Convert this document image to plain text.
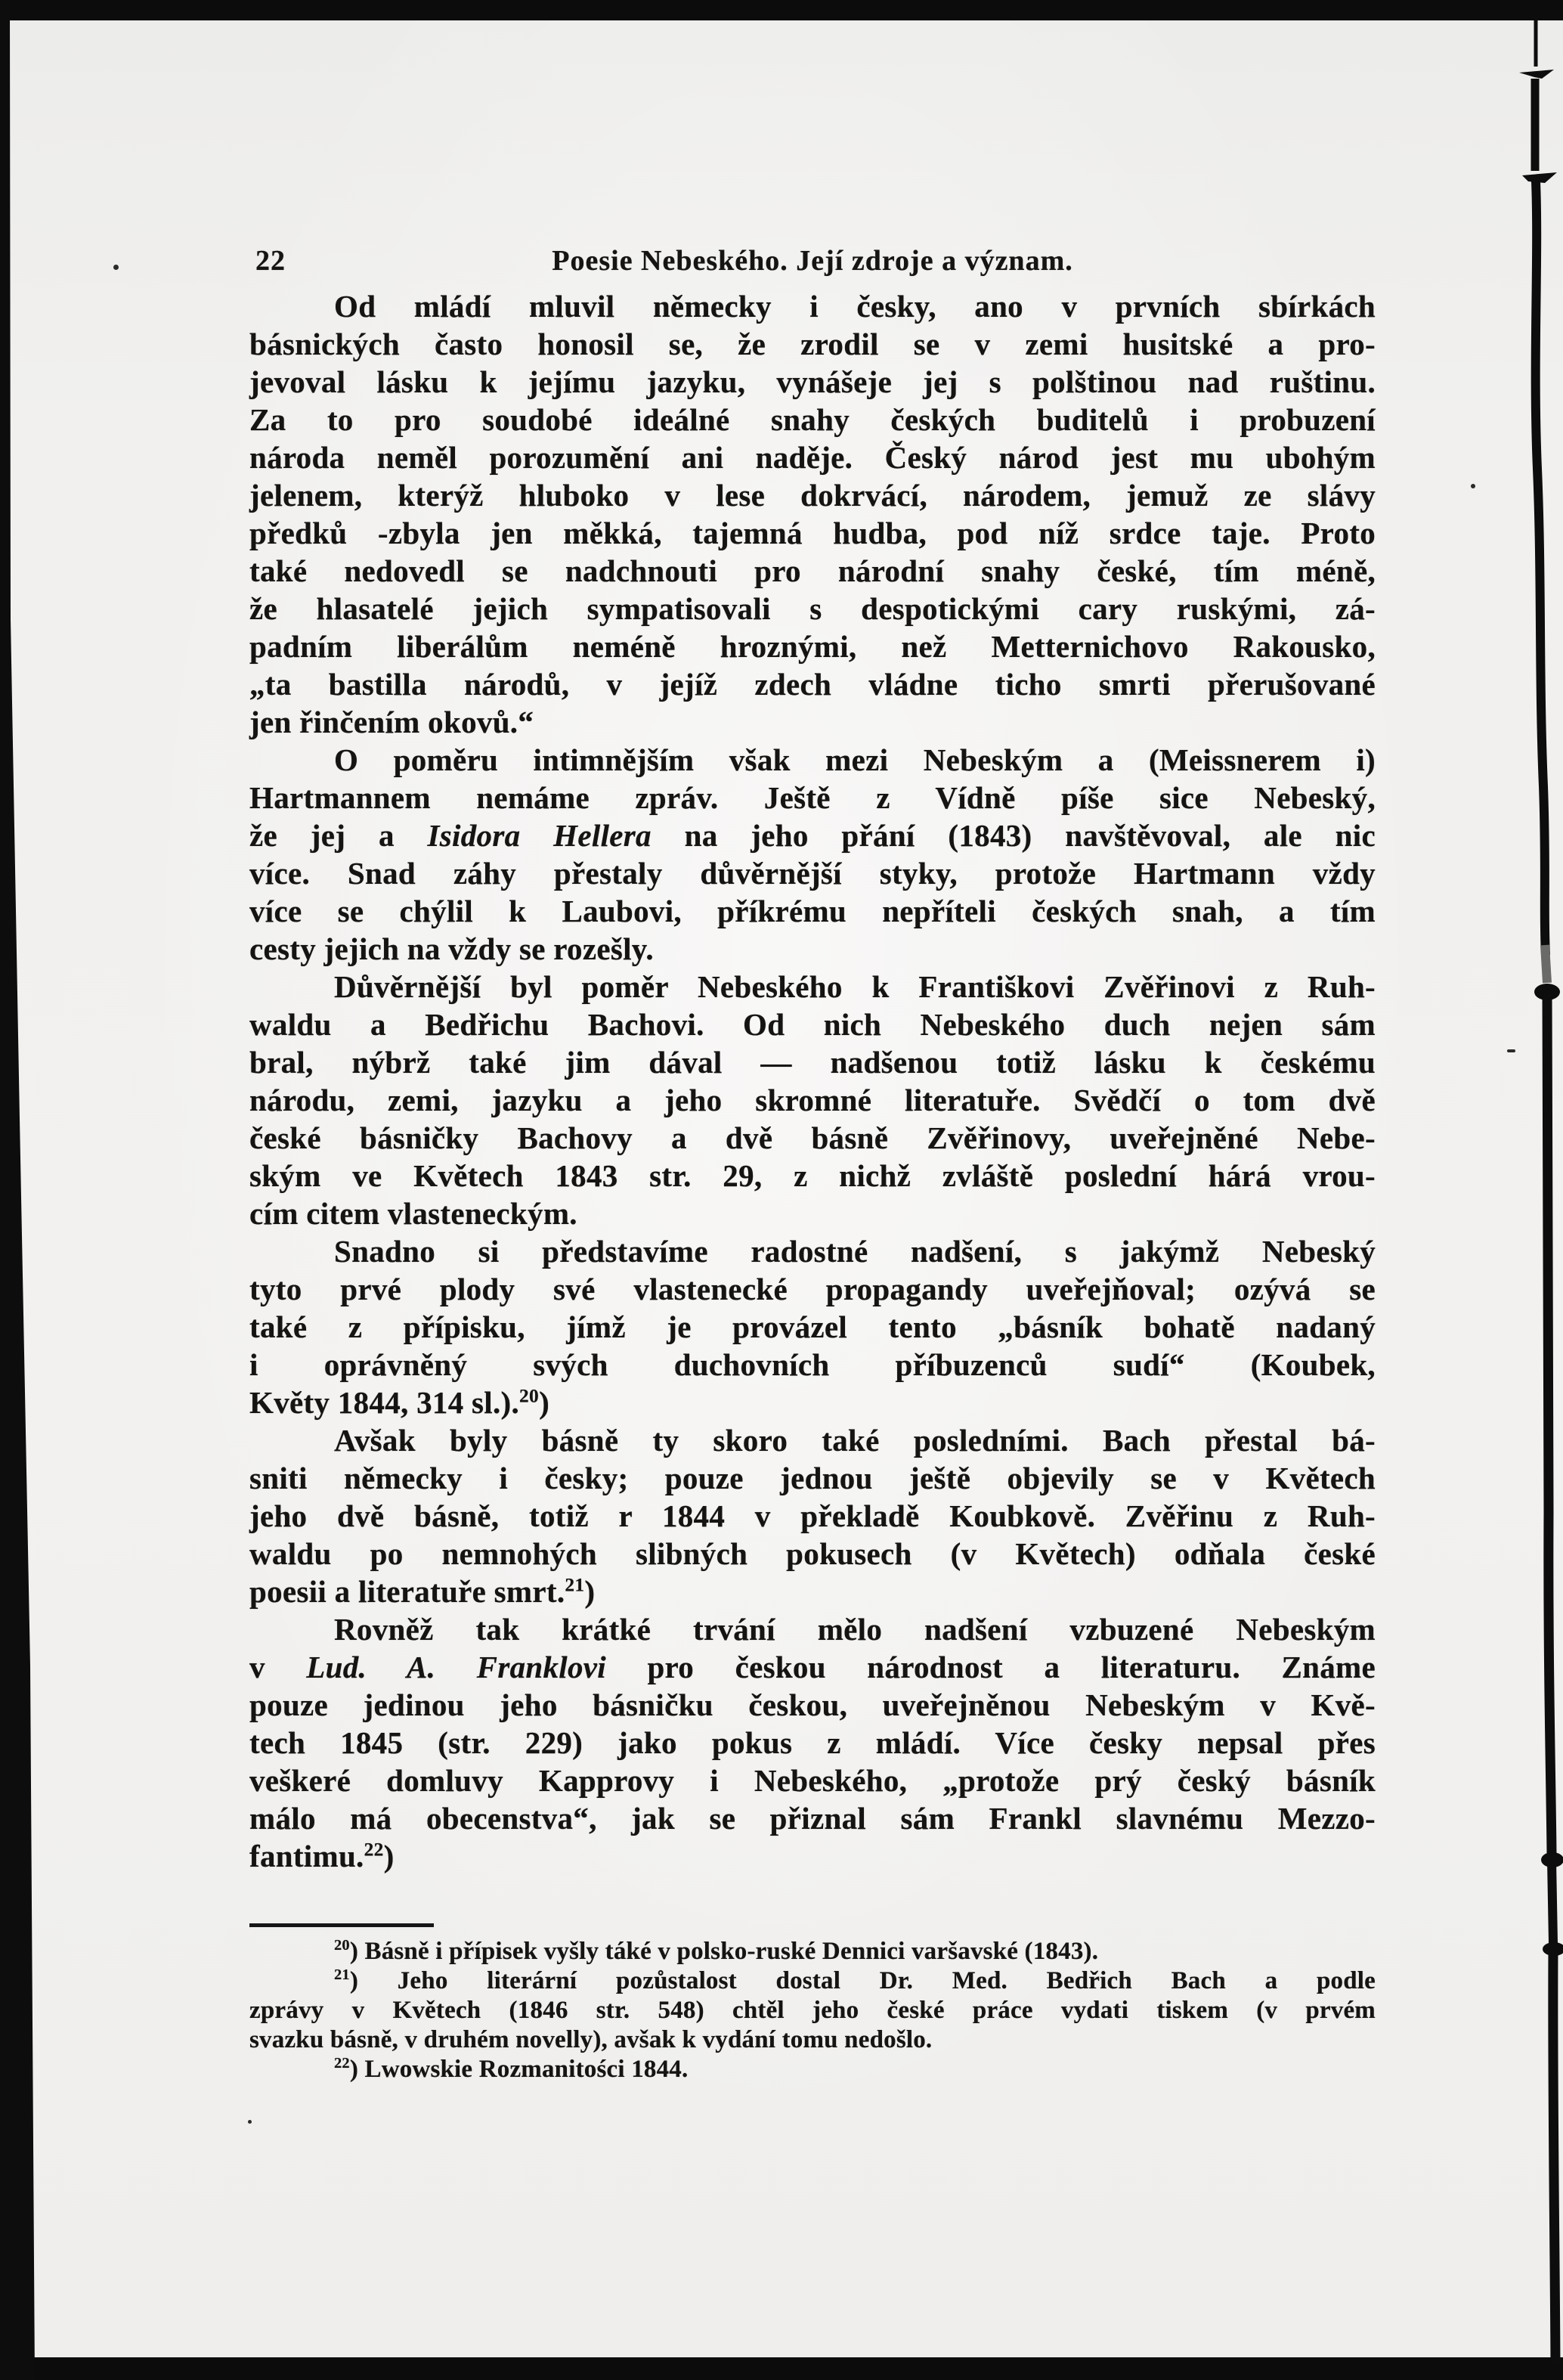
22	Poesie Nebeského. Její zdroje a význam.
Od mládí mluvil německy i česky, ano v prvních sbírkách
básnických často honosil se, že zrodil se v zemi husitské a pro-
jevoval lásku k jejímu jazyku, vynášeje jej s polštinou nad ruštinu.
Za to pro soudobé ideálné snahy českých buditelů i probuzení
národa neměl porozumění ani naděje. Český národ jest mu ubohým
jelenem, kterýž hluboko v lese dokrvácí, národem, jemuž ze slávy
předků -zbyla jen měkká, tajemná hudba, pod níž srdce taje. Proto
také nedovedl se nadchnouti pro národní snahy české, tím méně,
že hlasatelé jejich sympatisovali s despotickými cary ruskými, zá-
padním liberálům neméně hroznými, než Metternichovo Rakousko,
„ta bastilla národů, v jejíž zdech vládne ticho smrti přerušované
jen řinčením okovů.“
O poměru intimnějším však mezi Nebeským a (Meissnerem i)
Hartmannem nemáme zpráv. Ještě z Vídně píše sice Nebeský,
že jej a Isidora Hellera na jeho přání (1843) navštěvoval, ale nic
více. Snad záhy přestaly důvěrnější styky, protože Hartmann vždy
více se chýlil k Laubovi, příkrému nepříteli českých snah, a tím
cesty jejich na vždy se rozešly.
Důvěrnější byl poměr Nebeského k Františkovi Zvěřinovi z Ruh-
waldu a Bedřichu Bachovi. Od nich Nebeského duch nejen sám
bral, nýbrž také jim dával — nadšenou totiž lásku k českému
národu, zemi, jazyku a jeho skromné literatuře. Svědčí o tom dvě
české básničky Bachovy a dvě básně Zvěřinovy, uveřejněné Nebe-
ským ve Květech 1843 str. 29, z nichž zvláště poslední hárá vrou-
cím citem vlasteneckým.
Snadno si představíme radostné nadšení, s jakýmž Nebeský
tyto prvé plody své vlastenecké propagandy uveřejňoval; ozývá se
také z přípisku, jímž je provázel tento „básník bohatě nadaný
i oprávněný svých duchovních příbuzenců sudí“ (Koubek,
Květy 1844, 314 sl.).$^{20}$)
Avšak byly básně ty skoro také posledními. Bach přestal bá-
sniti německy i česky; pouze jednou ještě objevily se v Květech
jeho dvě básně, totiž r 1844 v překladě Koubkově. Zvěřinu z Ruh-
waldu po nemnohých slibných pokusech (v Květech) odňala české
poesii a literatuře smrt.$^{21}$)
Rovněž tak krátké trvání mělo nadšení vzbuzené Nebeským
v Lud. A. Franklovi pro českou národnost a literaturu. Známe
pouze jedinou jeho básničku českou, uveřejněnou Nebeským v Kvě-
tech 1845 (str. 229) jako pokus z mládí. Více česky nepsal přes
veškeré domluvy Kapprovy i Nebeského, „protože prý český básník
málo má obecenstva“, jak se přiznal sám Frankl slavnému Mezzo-
fantimu.$^{22}$)
$^{20}$) Básně i přípisek vyšly táké v polsko-ruské Dennici varšavské (1843).
$^{21}$) Jeho literární pozůstalost dostal Dr. Med. Bedřich Bach a podle
zprávy v Květech (1846 str. 548) chtěl jeho české práce vydati tiskem (v prvém
svazku básně, v druhém novelly), avšak k vydání tomu nedošlo.
$^{22}$) Lwowskie Rozmanitości 1844.
